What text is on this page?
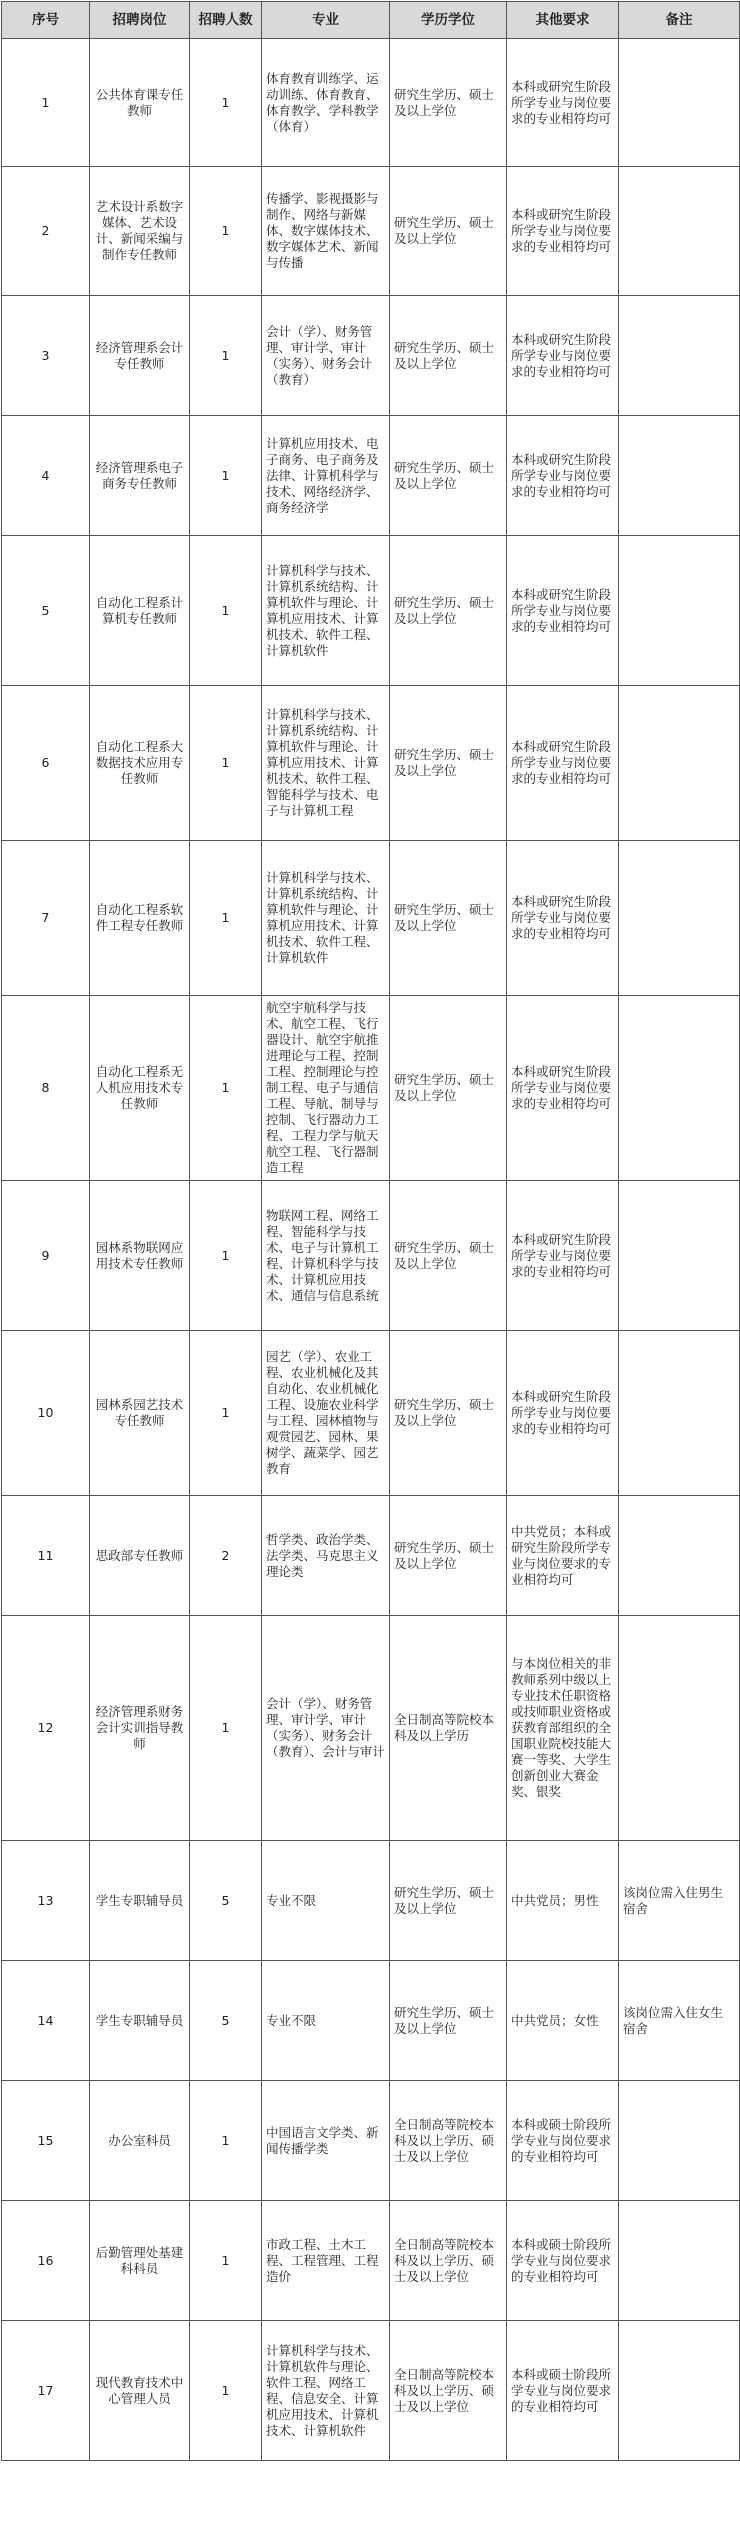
序号	招聘岗位	招聘人数	专业	学历学位	其他要求	备注
1	公共体育课专任教师	1	体育教育训练学、运动训练、体育教育、体育教学、学科教学（体育）	研究生学历、硕士及以上学位	本科或研究生阶段所学专业与岗位要求的专业相符均可	
2	艺术设计系数字媒体、艺术设计、新闻采编与制作专任教师	1	传播学、影视摄影与制作、网络与新媒体、数字媒体技术、数字媒体艺术、新闻与传播	研究生学历、硕士及以上学位	本科或研究生阶段所学专业与岗位要求的专业相符均可	
3	经济管理系会计专任教师	1	会计（学）、财务管理、审计学、审计（实务）、财务会计（教育）	研究生学历、硕士及以上学位	本科或研究生阶段所学专业与岗位要求的专业相符均可	
4	经济管理系电子商务专任教师	1	计算机应用技术、电子商务、电子商务及法律、计算机科学与技术、网络经济学、商务经济学	研究生学历、硕士及以上学位	本科或研究生阶段所学专业与岗位要求的专业相符均可	
5	自动化工程系计算机专任教师	1	计算机科学与技术、计算机系统结构、计算机软件与理论、计算机应用技术、计算机技术、软件工程、计算机软件	研究生学历、硕士及以上学位	本科或研究生阶段所学专业与岗位要求的专业相符均可	
6	自动化工程系大数据技术应用专任教师	1	计算机科学与技术、计算机系统结构、计算机软件与理论、计算机应用技术、计算机技术、软件工程、智能科学与技术、电子与计算机工程	研究生学历、硕士及以上学位	本科或研究生阶段所学专业与岗位要求的专业相符均可	
7	自动化工程系软件工程专任教师	1	计算机科学与技术、计算机系统结构、计算机软件与理论、计算机应用技术、计算机技术、软件工程、计算机软件	研究生学历、硕士及以上学位	本科或研究生阶段所学专业与岗位要求的专业相符均可	
8	自动化工程系无人机应用技术专任教师	1	航空宇航科学与技术、航空工程、飞行器设计、航空宇航推进理论与工程、控制工程、控制理论与控制工程、电子与通信工程、导航、制导与控制、飞行器动力工程、工程力学与航天航空工程、飞行器制造工程	研究生学历、硕士及以上学位	本科或研究生阶段所学专业与岗位要求的专业相符均可	
9	园林系物联网应用技术专任教师	1	物联网工程、网络工程、智能科学与技术、电子与计算机工程、计算机科学与技术、计算机应用技术、通信与信息系统	研究生学历、硕士及以上学位	本科或研究生阶段所学专业与岗位要求的专业相符均可	
10	园林系园艺技术专任教师	1	园艺（学）、农业工程、农业机械化及其自动化、农业机械化工程、设施农业科学与工程、园林植物与观赏园艺、园林、果树学、蔬菜学、园艺教育	研究生学历、硕士及以上学位	本科或研究生阶段所学专业与岗位要求的专业相符均可	
11	思政部专任教师	2	哲学类、政治学类、法学类、马克思主义理论类	研究生学历、硕士及以上学位	中共党员；本科或研究生阶段所学专业与岗位要求的专业相符均可	
12	经济管理系财务会计实训指导教师	1	会计（学）、财务管理、审计学、审计（实务）、财务会计（教育）、会计与审计	全日制高等院校本科及以上学历	与本岗位相关的非教师系列中级以上专业技术任职资格或技师职业资格或获教育部组织的全国职业院校技能大赛一等奖、大学生创新创业大赛金奖、银奖	
13	学生专职辅导员	5	专业不限	研究生学历、硕士及以上学位	中共党员；男性	该岗位需入住男生宿舍
14	学生专职辅导员	5	专业不限	研究生学历、硕士及以上学位	中共党员；女性	该岗位需入住女生宿舍
15	办公室科员	1	中国语言文学类、新闻传播学类	全日制高等院校本科及以上学历、硕士及以上学位	本科或硕士阶段所学专业与岗位要求的专业相符均可	
16	后勤管理处基建科科员	1	市政工程、土木工程、工程管理、工程造价	全日制高等院校本科及以上学历、硕士及以上学位	本科或硕士阶段所学专业与岗位要求的专业相符均可	
17	现代教育技术中心管理人员	1	计算机科学与技术、计算机软件与理论、软件工程、网络工程、信息安全、计算机应用技术、计算机技术、计算机软件	全日制高等院校本科及以上学历、硕士及以上学位	本科或硕士阶段所学专业与岗位要求的专业相符均可	
